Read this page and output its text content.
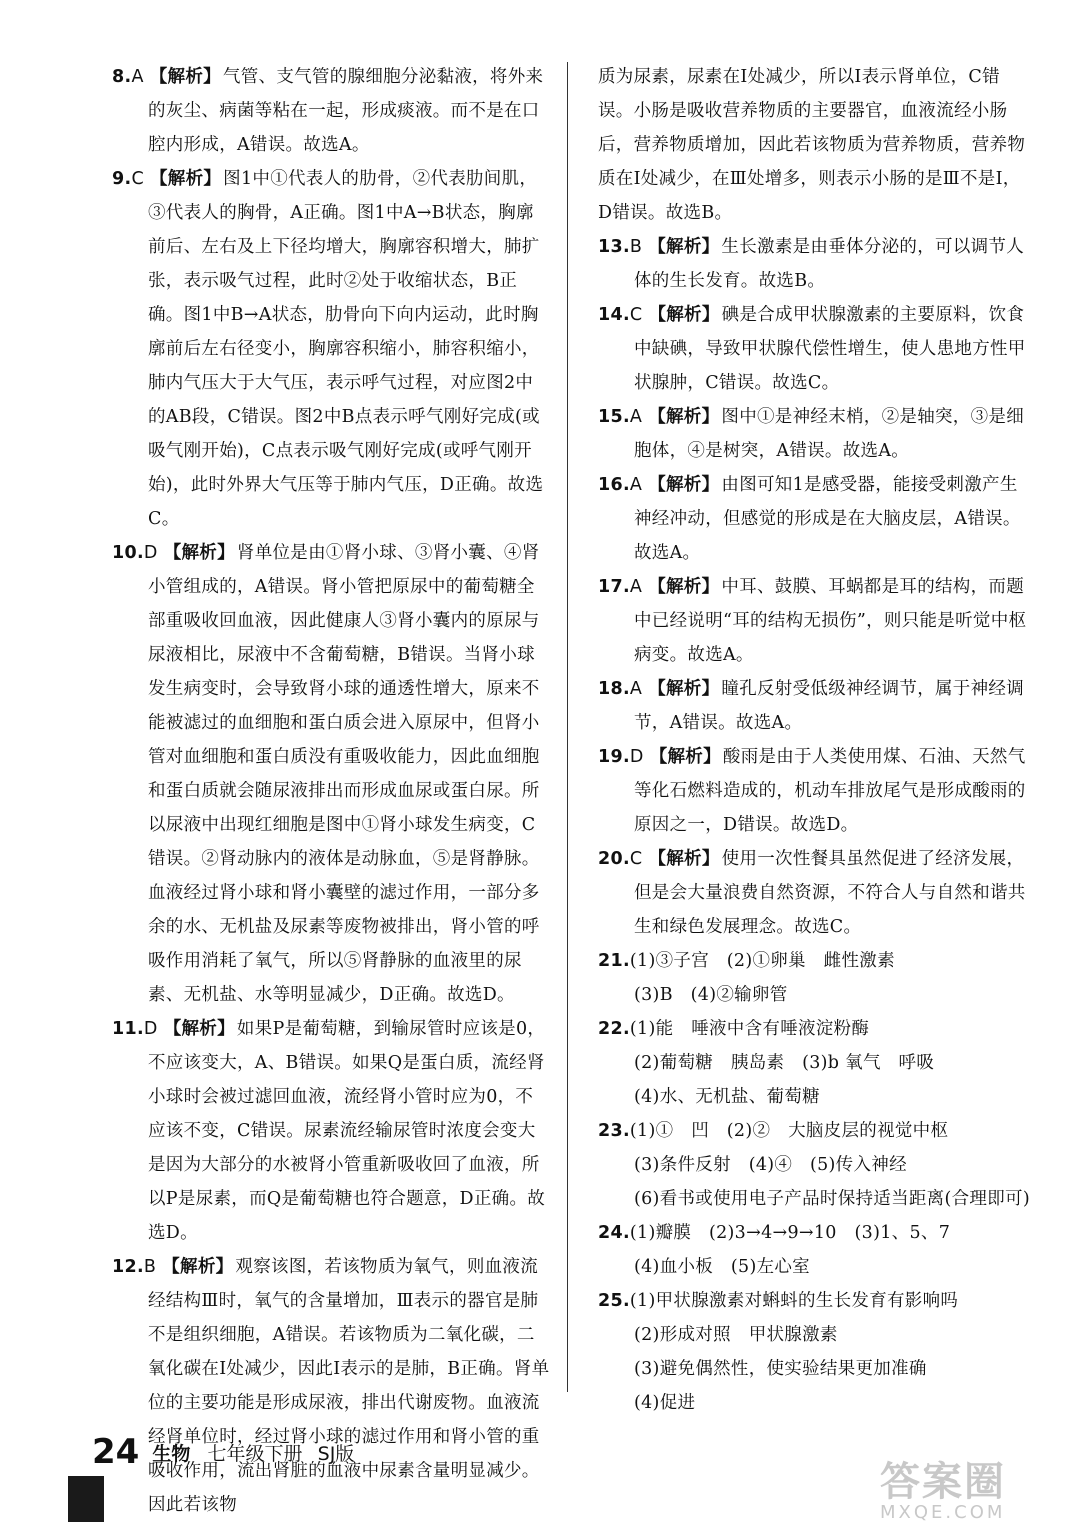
8.A 【解析】 气管、支气管的腺细胞分泌黏液，将外来的灰尘、病菌等粘在一起，形成痰液。而不是在口腔内形成，A错误。故选A。

9.C 【解析】 图1中①代表人的肋骨，②代表肋间肌，③代表人的胸骨，A正确。图1中A→B状态，胸廓前后、左右及上下径均增大，胸廓容积增大，肺扩张，表示吸气过程，此时②处于收缩状态，B正确。图1中B→A状态，肋骨向下向内运动，此时胸廓前后左右径变小，胸廓容积缩小，肺容积缩小，肺内气压大于大气压，表示呼气过程，对应图2中的AB段，C错误。图2中B点表示呼气刚好完成(或吸气刚开始)，C点表示吸气刚好完成(或呼气刚开始)，此时外界大气压等于肺内气压，D正确。故选C。

10.D 【解析】 肾单位是由①肾小球、③肾小囊、④肾小管组成的，A错误。肾小管把原尿中的葡萄糖全部重吸收回血液，因此健康人③肾小囊内的原尿与尿液相比，尿液中不含葡萄糖，B错误。当肾小球发生病变时，会导致肾小球的通透性增大，原来不能被滤过的血细胞和蛋白质会进入原尿中，但肾小管对血细胞和蛋白质没有重吸收能力，因此血细胞和蛋白质就会随尿液排出而形成血尿或蛋白尿。所以尿液中出现红细胞是图中①肾小球发生病变，C错误。②肾动脉内的液体是动脉血，⑤是肾静脉。血液经过肾小球和肾小囊壁的滤过作用，一部分多余的水、无机盐及尿素等废物被排出，肾小管的呼吸作用消耗了氧气，所以⑤肾静脉的血液里的尿素、无机盐、水等明显减少，D正确。故选D。

11.D 【解析】 如果P是葡萄糖，到输尿管时应该是0，不应该变大，A、B错误。如果Q是蛋白质，流经肾小球时会被过滤回血液，流经肾小管时应为0，不应该不变，C错误。尿素流经输尿管时浓度会变大是因为大部分的水被肾小管重新吸收回了血液，所以P是尿素，而Q是葡萄糖也符合题意，D正确。故选D。

12.B 【解析】 观察该图，若该物质为氧气，则血液流经结构Ⅲ时，氧气的含量增加，Ⅲ表示的器官是肺不是组织细胞，A错误。若该物质为二氧化碳，二氧化碳在Ⅰ处减少，因此Ⅰ表示的是肺，B正确。肾单位的主要功能是形成尿液，排出代谢废物。血液流经肾单位时，经过肾小球的滤过作用和肾小管的重吸收作用，流出肾脏的血液中尿素含量明显减少。因此若该物

质为尿素，尿素在Ⅰ处减少，所以Ⅰ表示肾单位，C错误。小肠是吸收营养物质的主要器官，血液流经小肠后，营养物质增加，因此若该物质为营养物质，营养物质在Ⅰ处减少，在Ⅲ处增多，则表示小肠的是Ⅲ不是Ⅰ，D错误。故选B。

13.B 【解析】 生长激素是由垂体分泌的，可以调节人体的生长发育。故选B。

14.C 【解析】 碘是合成甲状腺激素的主要原料，饮食中缺碘，导致甲状腺代偿性增生，使人患地方性甲状腺肿，C错误。故选C。

15.A 【解析】 图中①是神经末梢，②是轴突，③是细胞体，④是树突，A错误。故选A。

16.A 【解析】 由图可知1是感受器，能接受刺激产生神经冲动，但感觉的形成是在大脑皮层，A错误。故选A。

17.A 【解析】 中耳、鼓膜、耳蜗都是耳的结构，而题中已经说明“耳的结构无损伤”，则只能是听觉中枢病变。故选A。

18.A 【解析】 瞳孔反射受低级神经调节，属于神经调节，A错误。故选A。

19.D 【解析】 酸雨是由于人类使用煤、石油、天然气等化石燃料造成的，机动车排放尾气是形成酸雨的原因之一，D错误。故选D。

20.C 【解析】 使用一次性餐具虽然促进了经济发展，但是会大量浪费自然资源，不符合人与自然和谐共生和绿色发展理念。故选C。

21.(1)③子宫　(2)①卵巢　雌性激素
(3)B　(4)②输卵管
22.(1)能　唾液中含有唾液淀粉酶
(2)葡萄糖　胰岛素　(3)b 氧气　呼吸
(4)水、无机盐、葡萄糖
23.(1)①　凹　(2)②　大脑皮层的视觉中枢
(3)条件反射　(4)④　(5)传入神经
(6)看书或使用电子产品时保持适当距离(合理即可)
24.(1)瓣膜　(2)3→4→9→10　(3)1、5、7
(4)血小板　(5)左心室
25.(1)甲状腺激素对蝌蚪的生长发育有影响吗
(2)形成对照　甲状腺激素
(3)避免偶然性，使实验结果更加准确
(4)促进
24 生物 七年级下册 SJ版
答案圈
MXQE.COM
